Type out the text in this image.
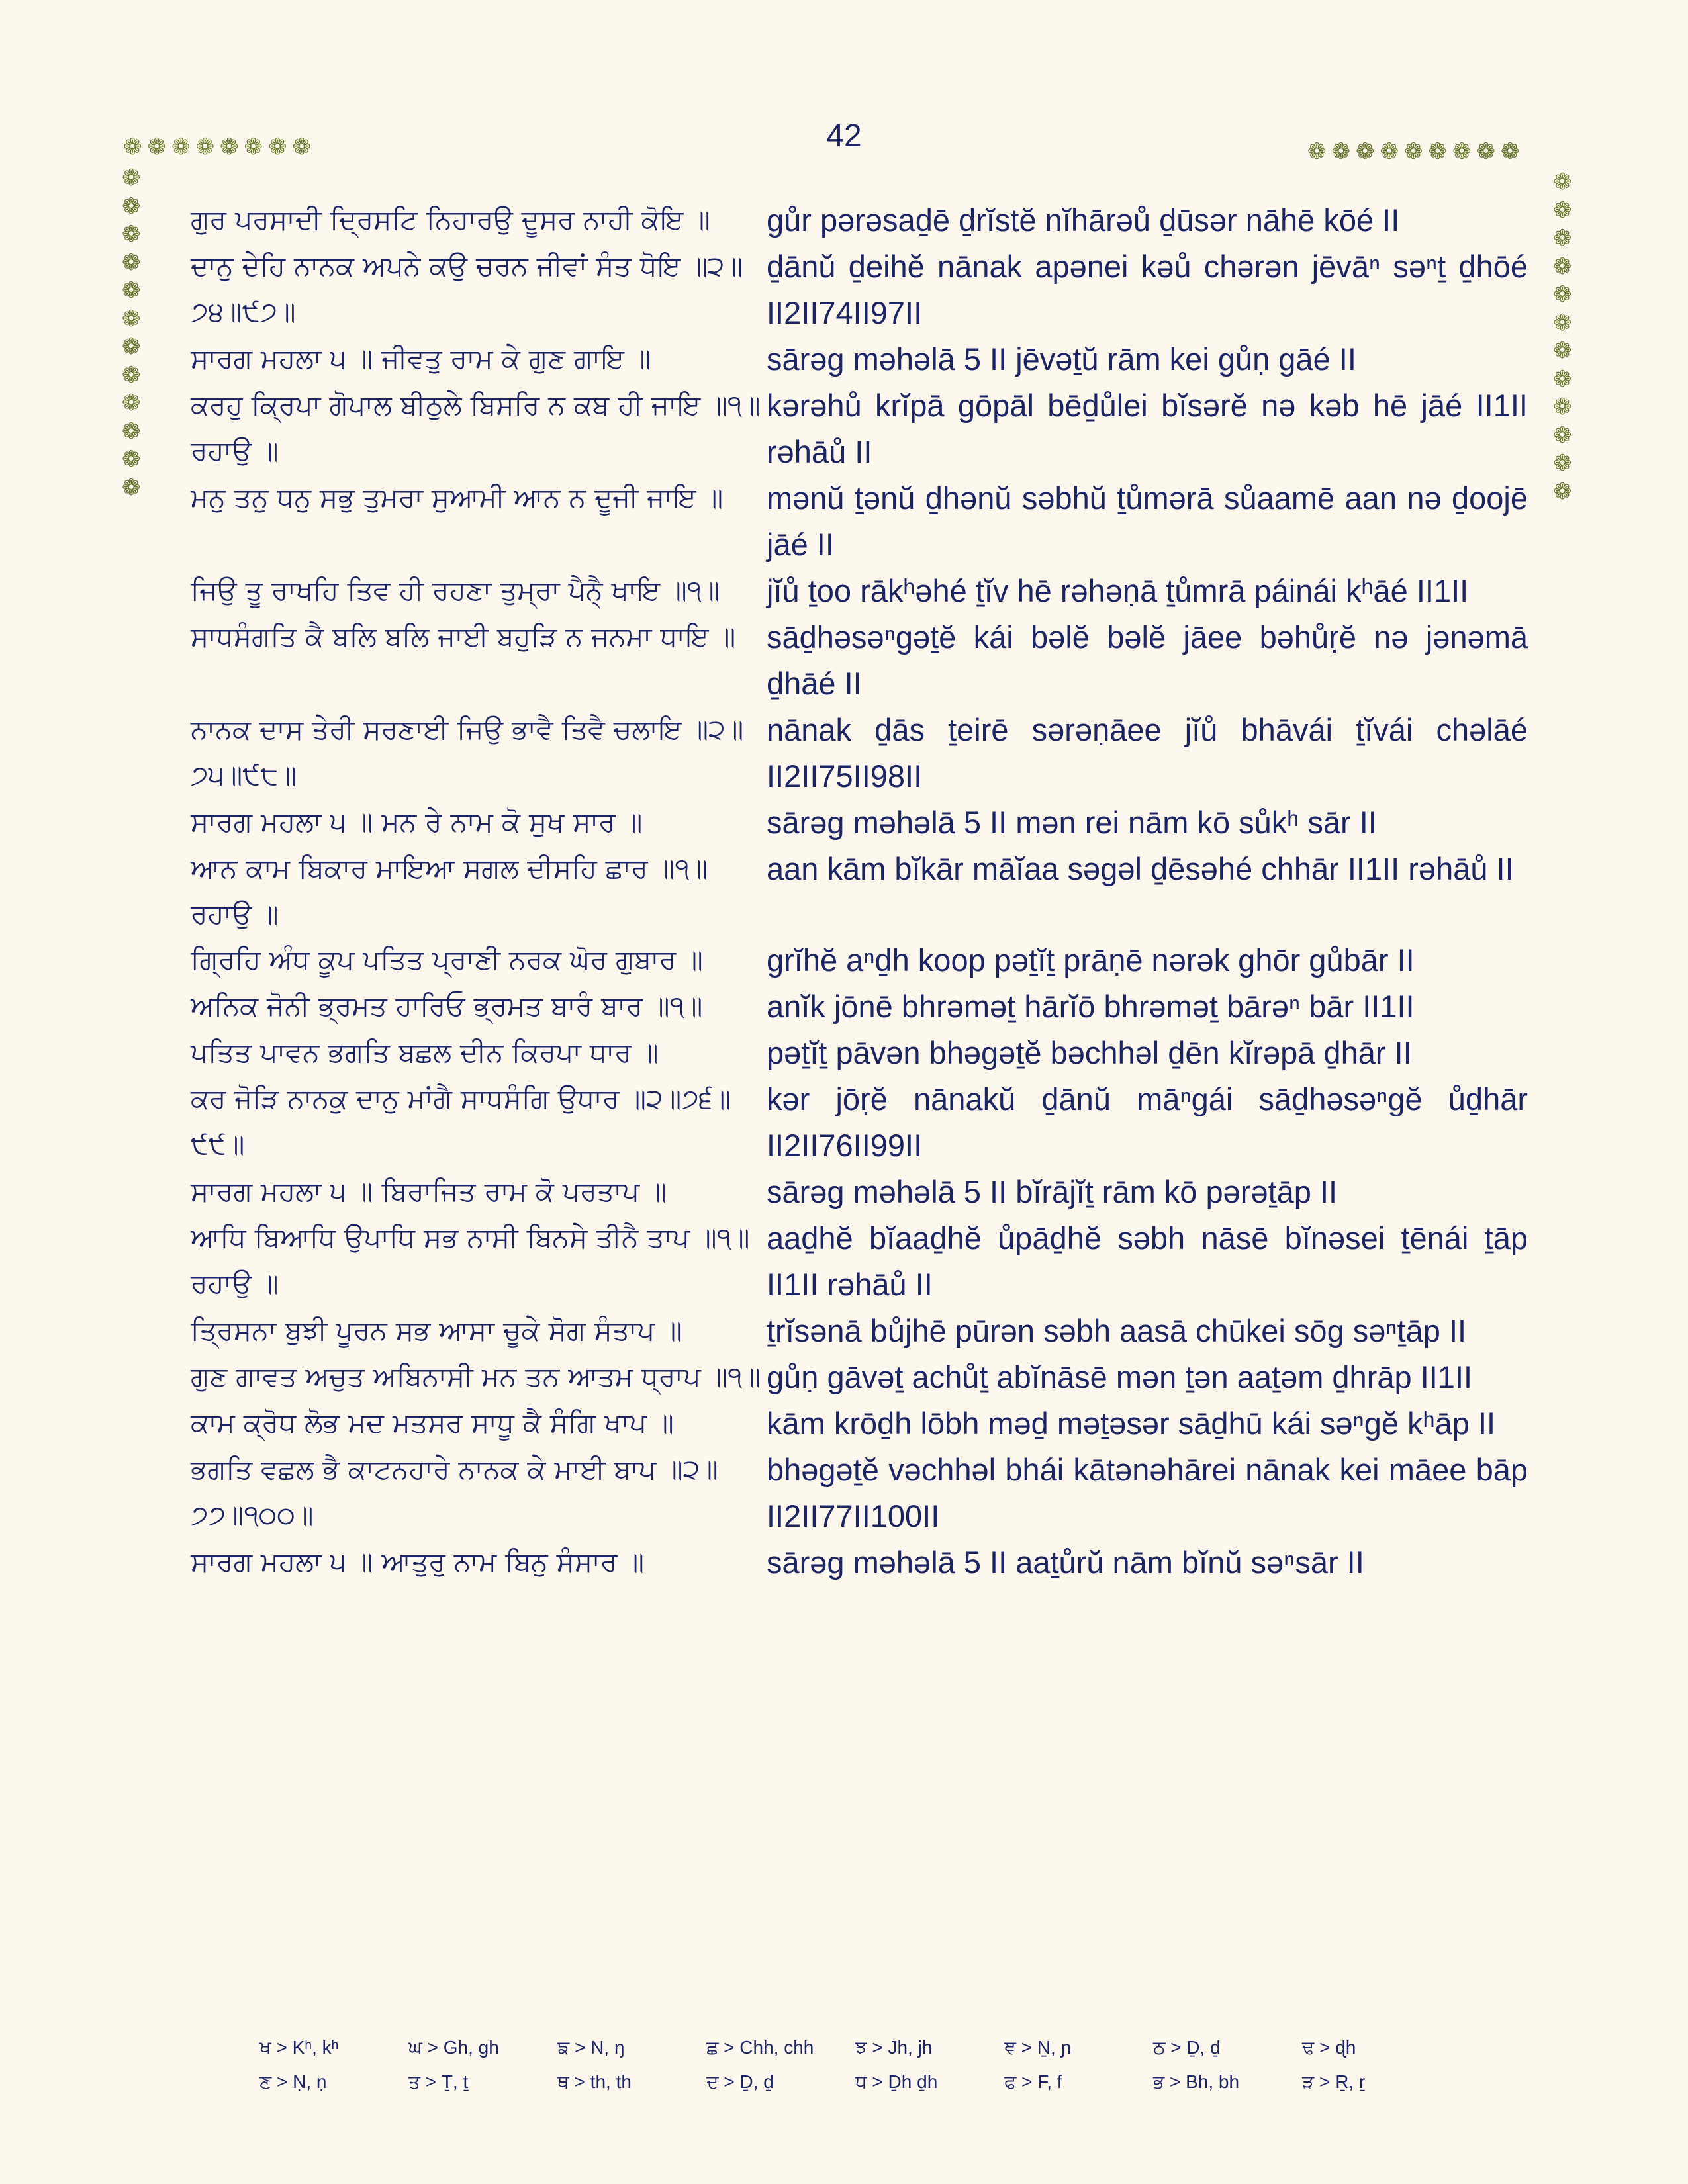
42
❁❁❁❁❁❁❁❁	❁❁❁❁❁❁❁❁❁
❁
❁
❁
❁
❁
❁
❁
❁
❁
❁
❁
❁
❁
❁
❁
❁
❁
❁
❁
❁
❁
❁
❁
❁
ਗੁਰ ਪਰਸਾਦੀ ਦ੍ਰਿਸਟਿ ਨਿਹਾਰਉ ਦੂਸਰ ਨਾਹੀ ਕੋਇ ॥	gůr pərəsaḏē ḏrĭstĕ nĭhārəů ḏūsər nāhē kōé II
ਦਾਨੁ ਦੇਹਿ ਨਾਨਕ ਅਪਨੇ ਕਉ ਚਰਨ ਜੀਵਾਂ ਸੰਤ ਧੋਇ ॥੨॥੭੪॥੯੭॥
ḏānŭ ḏeihĕ nānak apənei kəů chərən jēvāⁿ səⁿṯ ḏhōé II2II74II97II
ਸਾਰਗ ਮਹਲਾ ੫ ॥ ਜੀਵਤੁ ਰਾਮ ਕੇ ਗੁਣ ਗਾਇ ॥	sārəg məhəlā 5 II jēvəṯŭ rām kei gůṇ gāé II
ਕਰਹੁ ਕ੍ਰਿਪਾ ਗੋਪਾਲ ਬੀਠੁਲੇ ਬਿਸਰਿ ਨ ਕਬ ਹੀ ਜਾਇ ॥੧॥ ਰਹਾਉ ॥
kərəhů krĭpā gōpāl bēḏůlei bĭsərĕ nə kəb hē jāé II1II rəhāů II
ਮਨੁ ਤਨੁ ਧਨੁ ਸਭੁ ਤੁਮਰਾ ਸੁਆਮੀ ਆਨ ਨ ਦੂਜੀ ਜਾਇ ॥	mənŭ ṯənŭ ḏhənŭ səbhŭ ṯůmərā sůaamē aan nə ḏoojē jāé II
ਜਿਉ ਤੂ ਰਾਖਹਿ ਤਿਵ ਹੀ ਰਹਣਾ ਤੁਮ੍ਰਾ ਪੈਨੈ੍ ਖਾਇ ॥੧॥	jĭů ṯoo rākʰəhé ṯĭv hē rəhəṇā ṯůmrā páinái kʰāé II1II
ਸਾਧਸੰਗਤਿ ਕੈ ਬਲਿ ਬਲਿ ਜਾਈ ਬਹੁੜਿ ਨ ਜਨਮਾ ਧਾਇ ॥ sāḏhəsəⁿgəṯĕ kái bəlĕ bəlĕ jāee bəhůṛĕ nə jənəmā ḏhāé II
ਨਾਨਕ ਦਾਸ ਤੇਰੀ ਸਰਣਾਈ ਜਿਉ ਭਾਵੈ ਤਿਵੈ ਚਲਾਇ ॥੨॥੭੫॥੯੮॥
nānak ḏās ṯeirē sərəṇāee jĭů bhāvái ṯĭvái chəlāé II2II75II98II
ਸਾਰਗ ਮਹਲਾ ੫ ॥ ਮਨ ਰੇ ਨਾਮ ਕੋ ਸੁਖ ਸਾਰ ॥	sārəg məhəlā 5 II mən rei nām kō sůkʰ sār II
ਆਨ ਕਾਮ ਬਿਕਾਰ ਮਾਇਆ ਸਗਲ ਦੀਸਹਿ ਛਾਰ ॥੧॥ ਰਹਾਉ ॥
aan kām bĭkār māĭaa səgəl ḏēsəhé chhār II1II rəhāů II
ਗ੍ਰਿਹਿ ਅੰਧ ਕੂਪ ਪਤਿਤ ਪ੍ਰਾਣੀ ਨਰਕ ਘੋਰ ਗੁਬਾਰ ॥	grĭhĕ aⁿḏh koop pəṯĭṯ prāṇē nərək ghōr gůbār II
ਅਨਿਕ ਜੋਨੀ ਭ੍ਰਮਤ ਹਾਰਿਓ ਭ੍ਰਮਤ ਬਾਰੰ ਬਾਰ ॥੧॥	anĭk jōnē bhrəməṯ hārĭō bhrəməṯ bārəⁿ bār II1II
ਪਤਿਤ ਪਾਵਨ ਭਗਤਿ ਬਛਲ ਦੀਨ ਕਿਰਪਾ ਧਾਰ ॥	pəṯĭṯ pāvən bhəgəṯĕ bəchhəl ḏēn kĭrəpā ḏhār II
ਕਰ ਜੋੜਿ ਨਾਨਕੁ ਦਾਨੁ ਮਾਂਗੈ ਸਾਧਸੰਗਿ ਉਧਾਰ ॥੨॥੭੬॥੯੯॥
kər jōṛĕ nānakŭ ḏānŭ māⁿgái sāḏhəsəⁿgĕ ůḏhār II2II76II99II
ਸਾਰਗ ਮਹਲਾ ੫ ॥ ਬਿਰਾਜਿਤ ਰਾਮ ਕੋ ਪਰਤਾਪ ॥	sārəg məhəlā 5 II bĭrājĭṯ rām kō pərəṯāp II
ਆਧਿ ਬਿਆਧਿ ਉਪਾਧਿ ਸਭ ਨਾਸੀ ਬਿਨਸੇ ਤੀਨੈ ਤਾਪ ॥੧॥ ਰਹਾਉ ॥
aaḏhĕ bĭaaḏhĕ ůpāḏhĕ səbh nāsē bĭnəsei ṯēnái ṯāp II1II rəhāů II
ਤ੍ਰਿਸਨਾ ਬੁਝੀ ਪੂਰਨ ਸਭ ਆਸਾ ਚੂਕੇ ਸੋਗ ਸੰਤਾਪ ॥	ṯrĭsənā bůjhē pūrən səbh aasā chūkei sōg səⁿṯāp II
ਗੁਣ ਗਾਵਤ ਅਚੁਤ ਅਬਿਨਾਸੀ ਮਨ ਤਨ ਆਤਮ ਧ੍ਰਾਪ ॥੧॥ gůṇ gāvəṯ achůṯ abĭnāsē mən ṯən aaṯəm ḏhrāp II1II
ਕਾਮ ਕ੍ਰੋਧ ਲੋਭ ਮਦ ਮਤਸਰ ਸਾਧੂ ਕੈ ਸੰਗਿ ਖਾਪ ॥	kām krōḏh lōbh məḏ məṯəsər sāḏhū kái səⁿgĕ kʰāp II
ਭਗਤਿ ਵਛਲ ਭੈ ਕਾਟਨਹਾਰੇ ਨਾਨਕ ਕੇ ਮਾਈ ਬਾਪ ॥੨॥੭੭॥੧੦੦॥
bhəgəṯĕ vəchhəl bhái kātənəhārei nānak kei māee bāp II2II77II100II
ਸਾਰਗ ਮਹਲਾ ੫ ॥ ਆਤੁਰੁ ਨਾਮ ਬਿਨੁ ਸੰਸਾਰ ॥	sārəg məhəlā 5 II aaṯůrŭ nām bĭnŭ səⁿsār II
ਖ > Kʰ, kʰ	ਘ > Gh, gh	ਙ > N, ŋ	ਛ > Chh, chh	ਝ > Jh, jh	ਞ > Ṉ, ɲ	ਠ > Ḏ, ḏ	ਢ > ɖh
ਣ > Ṇ, ṇ	ਤ > Ṯ, ṯ	ਥ > th, th	ਦ > Ḏ, ḏ	ਧ > Ḏh ḏh	ਫ > F, f	ਭ > Bh, bh	ੜ > Ṟ, ṟ
